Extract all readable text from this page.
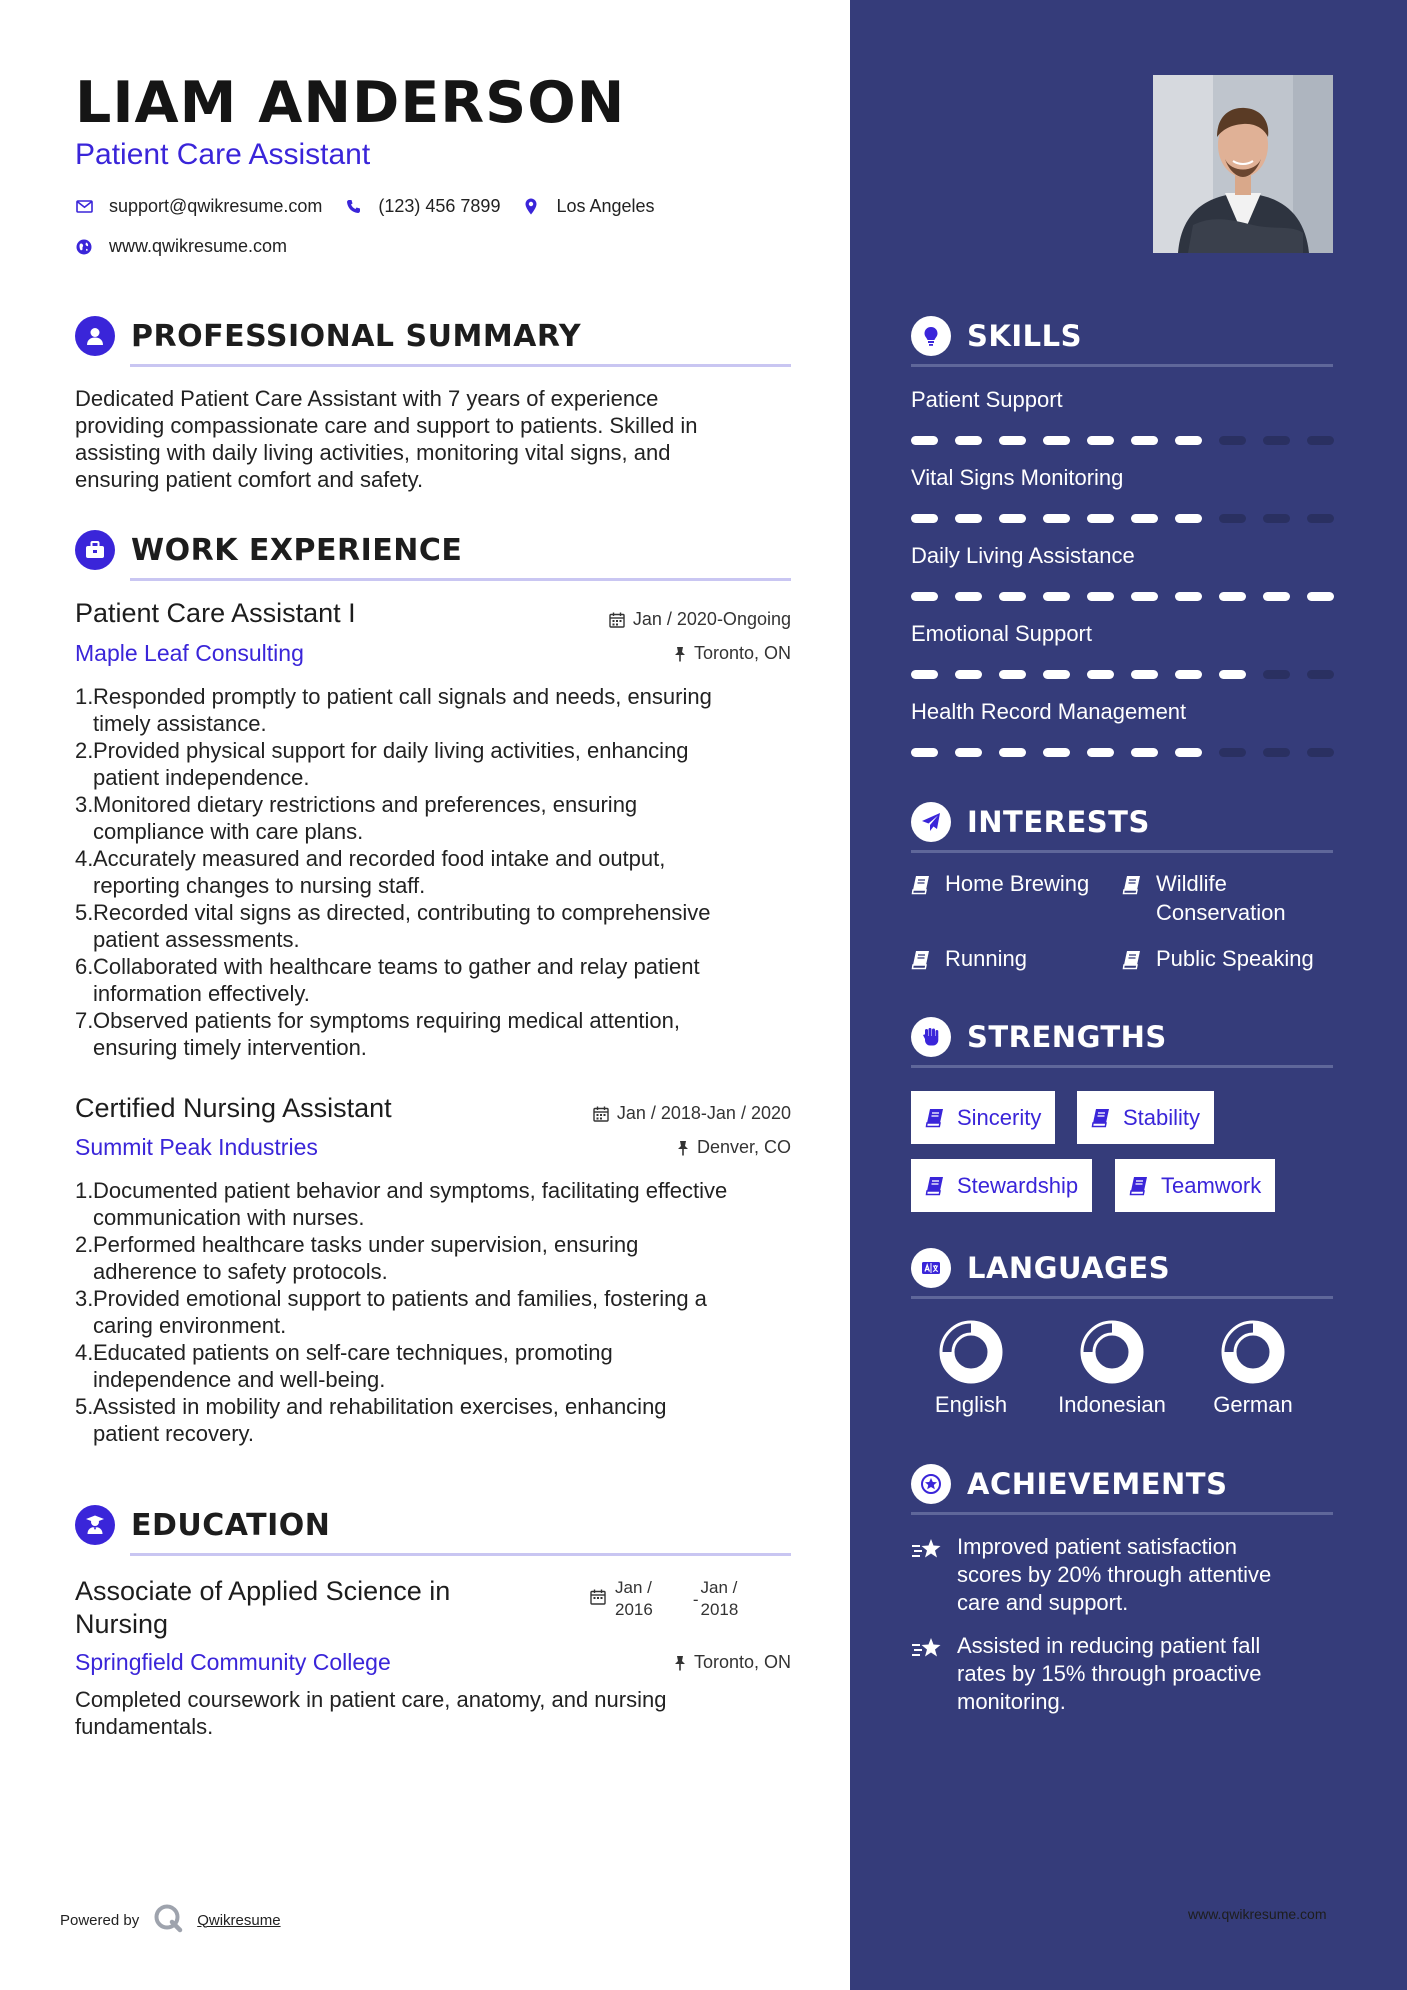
LIAM ANDERSON
Patient Care Assistant
support@qwikresume.com	(123) 456 7899	Los Angeles
www.qwikresume.com
PROFESSIONAL SUMMARY
Dedicated Patient Care Assistant with 7 years of experience
providing compassionate care and support to patients. Skilled in
assisting with daily living activities, monitoring vital signs, and
ensuring patient comfort and safety.
WORK EXPERIENCE
Patient Care Assistant I	Jan / 2020-Ongoing
Maple Leaf Consulting	Toronto, ON
Responded promptly to patient call signals and needs, ensuring
timely assistance.
Provided physical support for daily living activities, enhancing
patient independence.
Monitored dietary restrictions and preferences, ensuring
compliance with care plans.
Accurately measured and recorded food intake and output,
reporting changes to nursing staff.
Recorded vital signs as directed, contributing to comprehensive
patient assessments.
Collaborated with healthcare teams to gather and relay patient
information effectively.
Observed patients for symptoms requiring medical attention,
ensuring timely intervention.
Certified Nursing Assistant	Jan / 2018-Jan / 2020
Summit Peak Industries	Denver, CO
Documented patient behavior and symptoms, facilitating effective
communication with nurses.
Performed healthcare tasks under supervision, ensuring
adherence to safety protocols.
Provided emotional support to patients and families, fostering a
caring environment.
Educated patients on self-care techniques, promoting
independence and well-being.
Assisted in mobility and rehabilitation exercises, enhancing
patient recovery.
EDUCATION
Associate of Applied Science in
Nursing
Jan /
2016
-
Jan /
2018
Springfield Community College	Toronto, ON
Completed coursework in patient care, anatomy, and nursing
fundamentals.
Powered by	Qwikresume	www.qwikresume.com
SKILLS
Patient Support
Vital Signs Monitoring
Daily Living Assistance
Emotional Support
Health Record Management
INTERESTS
Home Brewing	Wildlife
Conservation
Running	Public Speaking
STRENGTHS
Sincerity	Stability
Stewardship	Teamwork
LANGUAGES
English	Indonesian	German
ACHIEVEMENTS
Improved patient satisfaction
scores by 20% through attentive
care and support.
Assisted in reducing patient fall
rates by 15% through proactive
monitoring.
